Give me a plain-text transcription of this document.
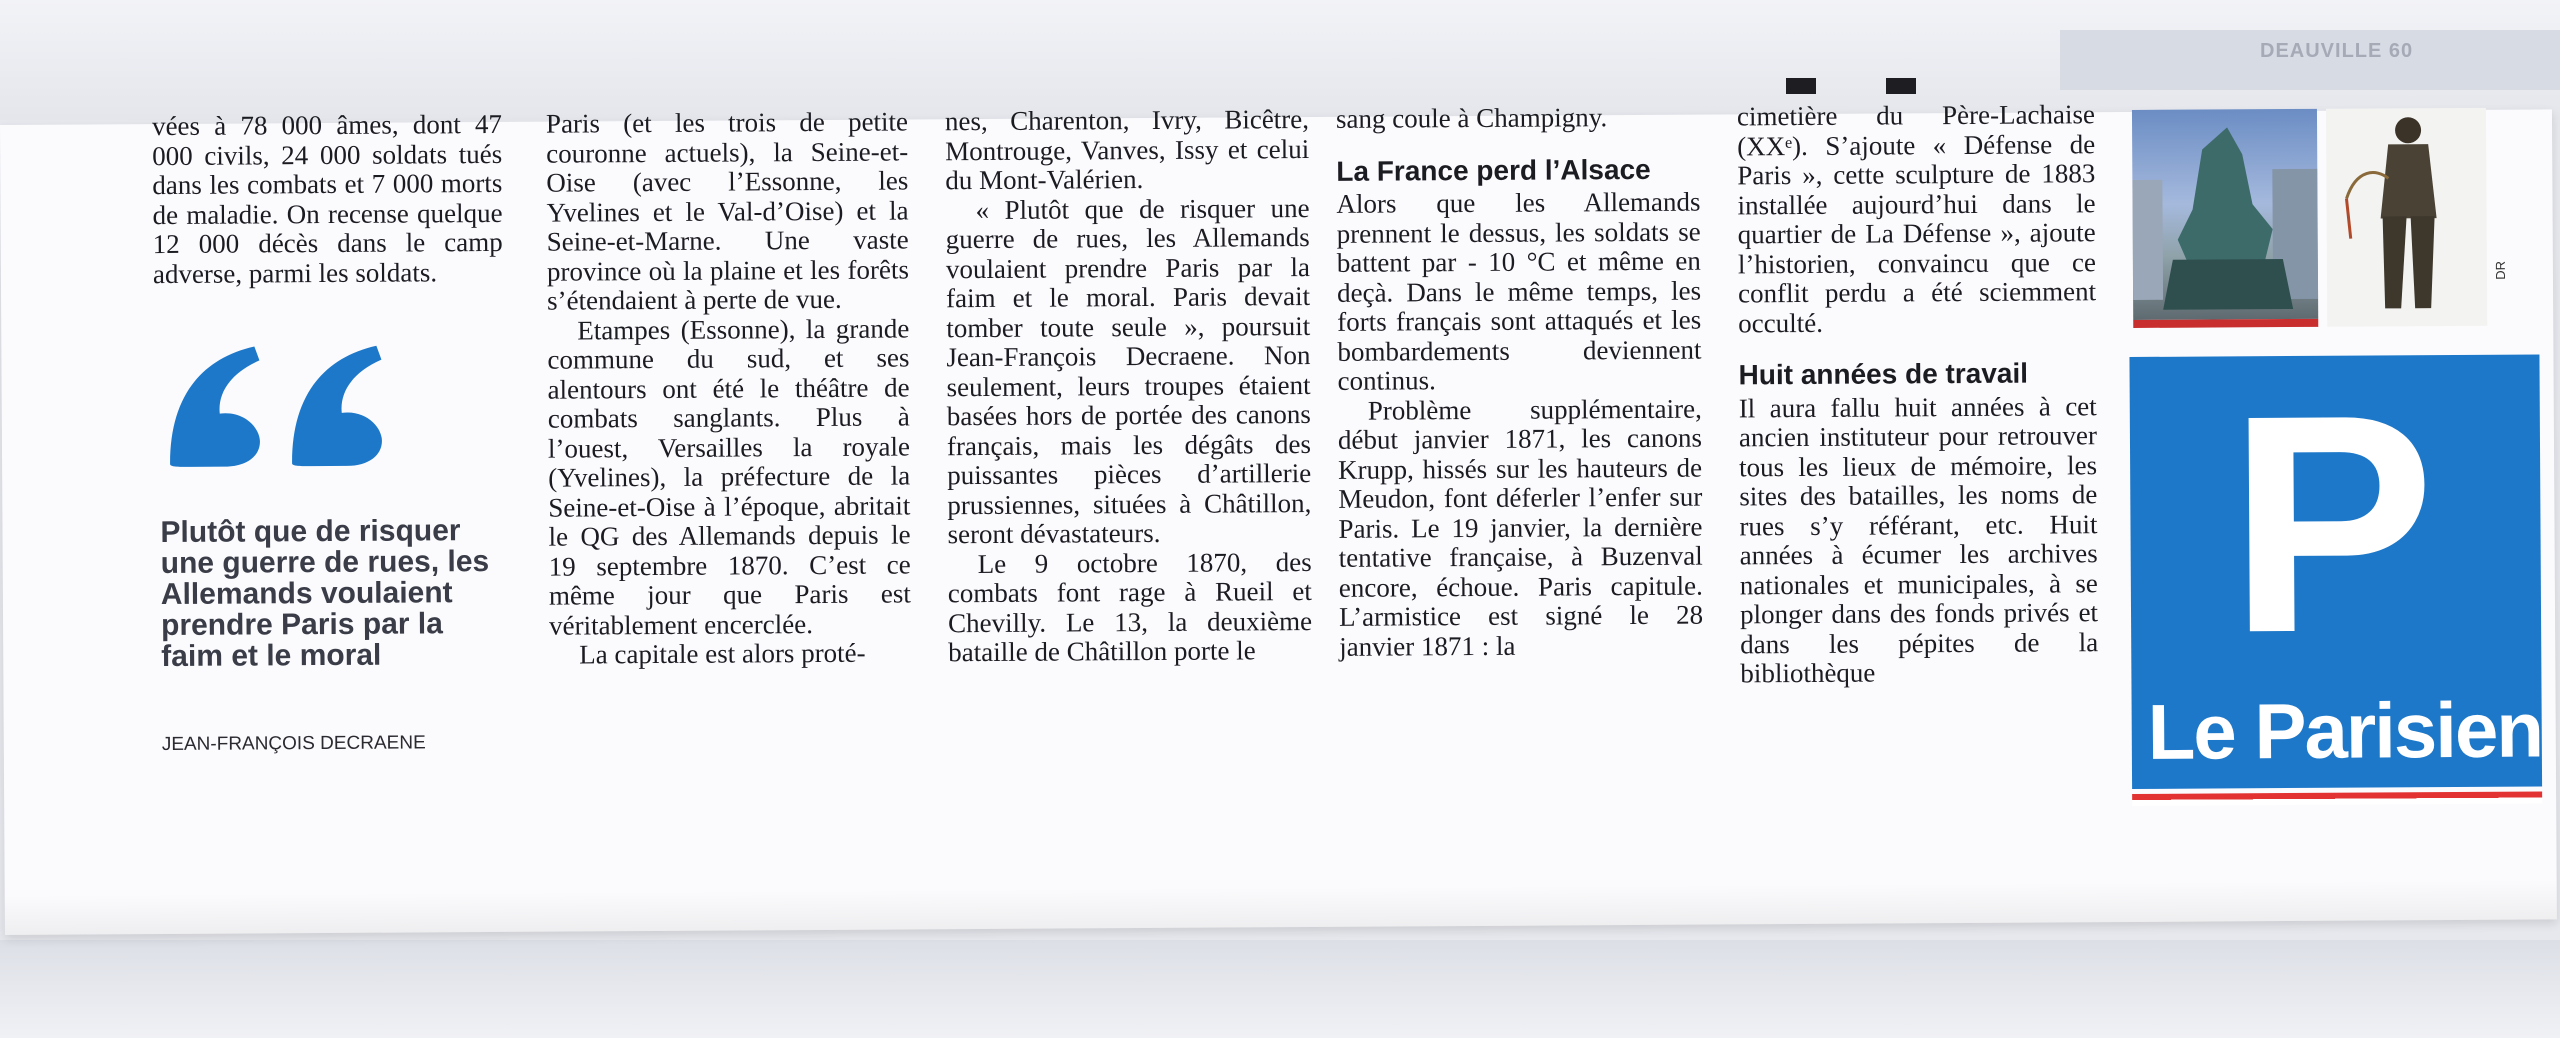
DEAUVILLE 60

vées à 78 000 âmes, dont 47 000 civils, 24 000 soldats tués dans les combats et 7 000 morts de maladie. On recense quelque 12 000 décès dans le camp adverse, parmi les soldats.

Plutôt que de risquer une guerre de rues, les Allemands voulaient prendre Paris par la faim et le moral
JEAN-FRANÇOIS DECRAENE

Paris (et les trois de petite couronne actuels), la Seine-et-Oise (avec l’Essonne, les Yvelines et le Val-d’Oise) et la Seine-et-Marne. Une vaste province où la plaine et les forêts s’étendaient à perte de vue.

Etampes (Essonne), la grande commune du sud, et ses alentours ont été le théâtre de combats sanglants. Plus à l’ouest, Versailles la royale (Yvelines), la préfecture de la Seine-et-Oise à l’époque, abritait le QG des Allemands depuis le 19 septembre 1870. C’est ce même jour que Paris est véritablement encerclée.

La capitale est alors proté-

nes, Charenton, Ivry, Bicêtre, Montrouge, Vanves, Issy et celui du Mont-Valérien.

« Plutôt que de risquer une guerre de rues, les Allemands voulaient prendre Paris par la faim et le moral. Paris devait tomber toute seule », poursuit Jean-François Decraene. Non seulement, leurs troupes étaient basées hors de portée des canons français, mais les dégâts des puissantes pièces d’artillerie prussiennes, situées à Châtillon, seront dévastateurs.

Le 9 octobre 1870, des combats font rage à Rueil et Chevilly. Le 13, la deuxième bataille de Châtillon porte le

sang coule à Champigny.

La France perd l’Alsace

Alors que les Allemands prennent le dessus, les soldats se battent par - 10 °C et même en deçà. Dans le même temps, les forts français sont attaqués et les bombardements deviennent continus.

Problème supplémentaire, début janvier 1871, les canons Krupp, hissés sur les hauteurs de Meudon, font déferler l’enfer sur Paris. Le 19 janvier, la dernière tentative française, à Buzenval encore, échoue. Paris capitule. L’armistice est signé le 28 janvier 1871 : la

cimetière du Père-Lachaise (XXᵉ). S’ajoute « Défense de Paris », cette sculpture de 1883 installée aujourd’hui dans le quartier de La Défense », ajoute l’historien, convaincu que ce conflit perdu a été sciemment occulté.

Huit années de travail

Il aura fallu huit années à cet ancien instituteur pour retrouver tous les lieux de mémoire, les sites des batailles, les noms de rues s’y référant, etc. Huit années à écumer les archives nationales et municipales, à se plonger dans des fonds privés et dans les pépites de la bibliothèque

DR
P
Le Parisien
